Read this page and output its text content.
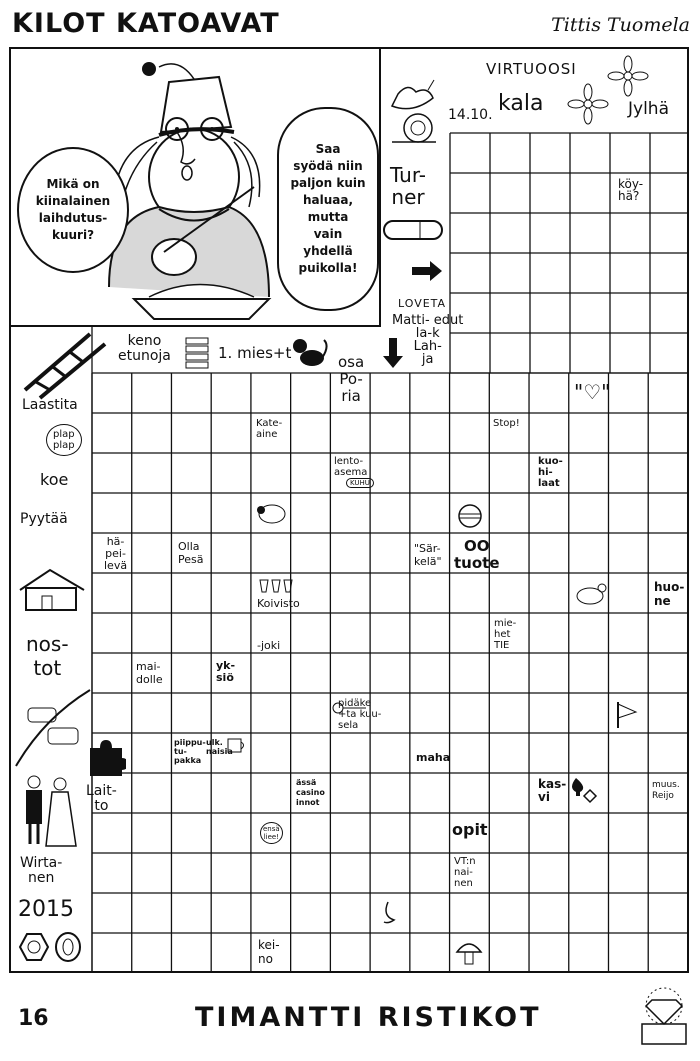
KILOT KATOAVAT	Tittis Tuomela
Mikä on
kiinalainen
laihdutus-
kuuri?
Saa
syödä niin
paljon kuin
haluaa,
mutta
vain
yhdellä
puikolla!
VIRTUOOSI
14.10. kala	Jylhä
Tur-
ner
LOVETA
Matti- edut
la-k
Lah-
ja
keno
etunoja	1. mies+t	osa
Po-
ria
Laastita
plap
plap
koe
Pyytää
hä-
pei-
levä
nos-
tot
Lait-
to
Wirta-
nen
2015
Kate-
aine
lento-
asema
KUHU
Stop!
kuo-
hi-
laat
köy-
hä?
"♡"
Olla
Pesä
"Sär-
kelä"
OO
tuote
Koivisto
huo-
ne
-joki
mie-
het
TIE
mai-
dolle
yk-
siö
pidäke
+ta kuu-
sela
piippu-
tu-
pakka
ulk.
naisia	maha
ässä
casino
innot
kas-
vi
muus.
Reijo
ensä
liee!	opit
VT:n
nai-
nen
kei-
no
16	TIMANTTI RISTIKOT
